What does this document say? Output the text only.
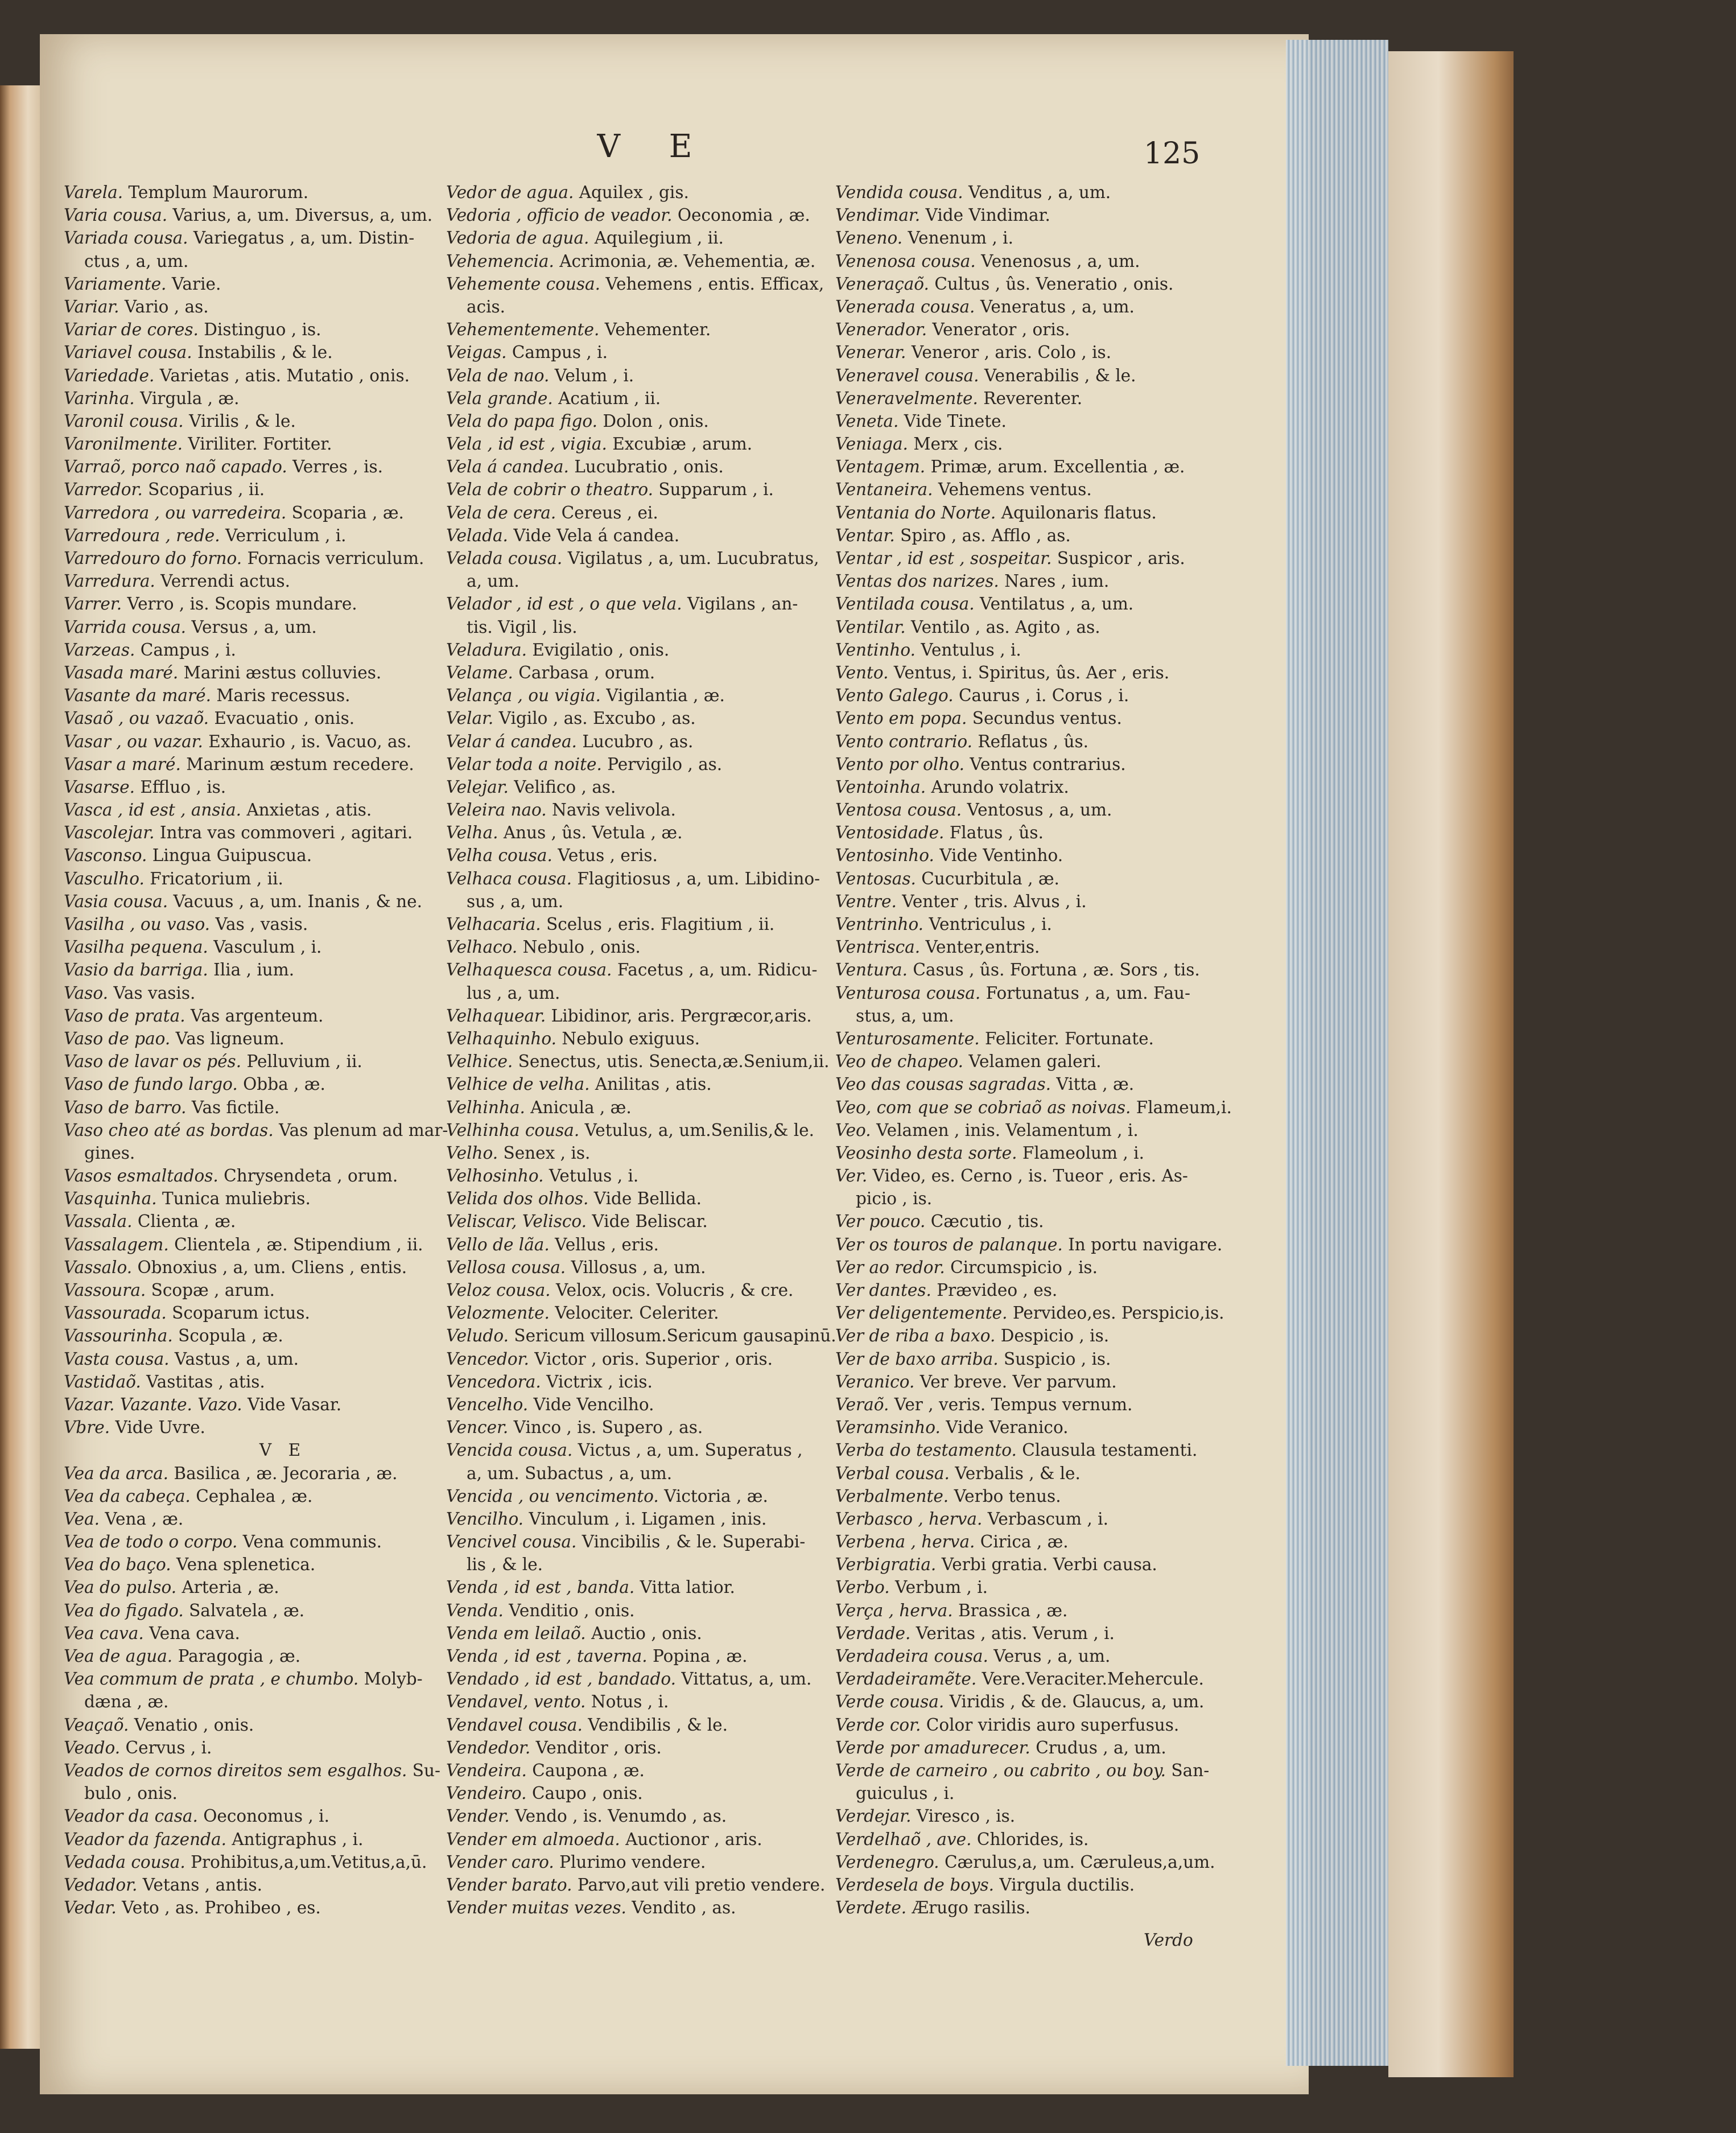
V E	125
Varela. Templum Maurorum.
Varia cousa. Varius, a, um. Diversus, a, um.
Variada cousa. Variegatus , a, um. Distin-
ctus , a, um.
Variamente. Varie.
Variar. Vario , as.
Variar de cores. Distinguo , is.
Variavel cousa. Instabilis , & le.
Variedade. Varietas , atis. Mutatio , onis.
Varinha. Virgula , æ.
Varonil cousa. Virilis , & le.
Varonilmente. Viriliter. Fortiter.
Varraõ, porco naõ capado. Verres , is.
Varredor. Scoparius , ii.
Varredora , ou varredeira. Scoparia , æ.
Varredoura , rede. Verriculum , i.
Varredouro do forno. Fornacis verriculum.
Varredura. Verrendi actus.
Varrer. Verro , is. Scopis mundare.
Varrida cousa. Versus , a, um.
Varzeas. Campus , i.
Vasada maré. Marini æstus colluvies.
Vasante da maré. Maris recessus.
Vasaõ , ou vazaõ. Evacuatio , onis.
Vasar , ou vazar. Exhaurio , is. Vacuo, as.
Vasar a maré. Marinum æstum recedere.
Vasarse. Effluo , is.
Vasca , id est , ansia. Anxietas , atis.
Vascolejar. Intra vas commoveri , agitari.
Vasconso. Lingua Guipuscua.
Vasculho. Fricatorium , ii.
Vasia cousa. Vacuus , a, um. Inanis , & ne.
Vasilha , ou vaso. Vas , vasis.
Vasilha pequena. Vasculum , i.
Vasio da barriga. Ilia , ium.
Vaso. Vas vasis.
Vaso de prata. Vas argenteum.
Vaso de pao. Vas ligneum.
Vaso de lavar os pés. Pelluvium , ii.
Vaso de fundo largo. Obba , æ.
Vaso de barro. Vas fictile.
Vaso cheo até as bordas. Vas plenum ad mar-
gines.
Vasos esmaltados. Chrysendeta , orum.
Vasquinha. Tunica muliebris.
Vassala. Clienta , æ.
Vassalagem. Clientela , æ. Stipendium , ii.
Vassalo. Obnoxius , a, um. Cliens , entis.
Vassoura. Scopæ , arum.
Vassourada. Scoparum ictus.
Vassourinha. Scopula , æ.
Vasta cousa. Vastus , a, um.
Vastidaõ. Vastitas , atis.
Vazar. Vazante. Vazo. Vide Vasar.
Vbre. Vide Uvre.
V E
Vea da arca. Basilica , æ. Jecoraria , æ.
Vea da cabeça. Cephalea , æ.
Vea. Vena , æ.
Vea de todo o corpo. Vena communis.
Vea do baço. Vena splenetica.
Vea do pulso. Arteria , æ.
Vea do figado. Salvatela , æ.
Vea cava. Vena cava.
Vea de agua. Paragogia , æ.
Vea commum de prata , e chumbo. Molyb-
dæna , æ.
Veaçaõ. Venatio , onis.
Veado. Cervus , i.
Veados de cornos direitos sem esgalhos. Su-
bulo , onis.
Veador da casa. Oeconomus , i.
Veador da fazenda. Antigraphus , i.
Vedada cousa. Prohibitus,a,um.Vetitus,a,ū.
Vedador. Vetans , antis.
Vedar. Veto , as. Prohibeo , es.
Vedor de agua. Aquilex , gis.
Vedoria , officio de veador. Oeconomia , æ.
Vedoria de agua. Aquilegium , ii.
Vehemencia. Acrimonia, æ. Vehementia, æ.
Vehemente cousa. Vehemens , entis. Efficax,
acis.
Vehementemente. Vehementer.
Veigas. Campus , i.
Vela de nao. Velum , i.
Vela grande. Acatium , ii.
Vela do papa figo. Dolon , onis.
Vela , id est , vigia. Excubiæ , arum.
Vela á candea. Lucubratio , onis.
Vela de cobrir o theatro. Supparum , i.
Vela de cera. Cereus , ei.
Velada. Vide Vela á candea.
Velada cousa. Vigilatus , a, um. Lucubratus,
a, um.
Velador , id est , o que vela. Vigilans , an-
tis. Vigil , lis.
Veladura. Evigilatio , onis.
Velame. Carbasa , orum.
Velança , ou vigia. Vigilantia , æ.
Velar. Vigilo , as. Excubo , as.
Velar á candea. Lucubro , as.
Velar toda a noite. Pervigilo , as.
Velejar. Velifico , as.
Veleira nao. Navis velivola.
Velha. Anus , ûs. Vetula , æ.
Velha cousa. Vetus , eris.
Velhaca cousa. Flagitiosus , a, um. Libidino-
sus , a, um.
Velhacaria. Scelus , eris. Flagitium , ii.
Velhaco. Nebulo , onis.
Velhaquesca cousa. Facetus , a, um. Ridicu-
lus , a, um.
Velhaquear. Libidinor, aris. Pergræcor,aris.
Velhaquinho. Nebulo exiguus.
Velhice. Senectus, utis. Senecta,æ.Senium,ii.
Velhice de velha. Anilitas , atis.
Velhinha. Anicula , æ.
Velhinha cousa. Vetulus, a, um.Senilis,& le.
Velho. Senex , is.
Velhosinho. Vetulus , i.
Velida dos olhos. Vide Bellida.
Veliscar, Velisco. Vide Beliscar.
Vello de lãa. Vellus , eris.
Vellosa cousa. Villosus , a, um.
Veloz cousa. Velox, ocis. Volucris , & cre.
Velozmente. Velociter. Celeriter.
Veludo. Sericum villosum.Sericum gausapinū.
Vencedor. Victor , oris. Superior , oris.
Vencedora. Victrix , icis.
Vencelho. Vide Vencilho.
Vencer. Vinco , is. Supero , as.
Vencida cousa. Victus , a, um. Superatus ,
a, um. Subactus , a, um.
Vencida , ou vencimento. Victoria , æ.
Vencilho. Vinculum , i. Ligamen , inis.
Vencivel cousa. Vincibilis , & le. Superabi-
lis , & le.
Venda , id est , banda. Vitta latior.
Venda. Venditio , onis.
Venda em leilaõ. Auctio , onis.
Venda , id est , taverna. Popina , æ.
Vendado , id est , bandado. Vittatus, a, um.
Vendavel, vento. Notus , i.
Vendavel cousa. Vendibilis , & le.
Vendedor. Venditor , oris.
Vendeira. Caupona , æ.
Vendeiro. Caupo , onis.
Vender. Vendo , is. Venumdo , as.
Vender em almoeda. Auctionor , aris.
Vender caro. Plurimo vendere.
Vender barato. Parvo,aut vili pretio vendere.
Vender muitas vezes. Vendito , as.
Vendida cousa. Venditus , a, um.
Vendimar. Vide Vindimar.
Veneno. Venenum , i.
Venenosa cousa. Venenosus , a, um.
Veneraçaõ. Cultus , ûs. Veneratio , onis.
Venerada cousa. Veneratus , a, um.
Venerador. Venerator , oris.
Venerar. Veneror , aris. Colo , is.
Veneravel cousa. Venerabilis , & le.
Veneravelmente. Reverenter.
Veneta. Vide Tinete.
Veniaga. Merx , cis.
Ventagem. Primæ, arum. Excellentia , æ.
Ventaneira. Vehemens ventus.
Ventania do Norte. Aquilonaris flatus.
Ventar. Spiro , as. Afflo , as.
Ventar , id est , sospeitar. Suspicor , aris.
Ventas dos narizes. Nares , ium.
Ventilada cousa. Ventilatus , a, um.
Ventilar. Ventilo , as. Agito , as.
Ventinho. Ventulus , i.
Vento. Ventus, i. Spiritus, ûs. Aer , eris.
Vento Galego. Caurus , i. Corus , i.
Vento em popa. Secundus ventus.
Vento contrario. Reflatus , ûs.
Vento por olho. Ventus contrarius.
Ventoinha. Arundo volatrix.
Ventosa cousa. Ventosus , a, um.
Ventosidade. Flatus , ûs.
Ventosinho. Vide Ventinho.
Ventosas. Cucurbitula , æ.
Ventre. Venter , tris. Alvus , i.
Ventrinho. Ventriculus , i.
Ventrisca. Venter,entris.
Ventura. Casus , ûs. Fortuna , æ. Sors , tis.
Venturosa cousa. Fortunatus , a, um. Fau-
stus, a, um.
Venturosamente. Feliciter. Fortunate.
Veo de chapeo. Velamen galeri.
Veo das cousas sagradas. Vitta , æ.
Veo, com que se cobriaõ as noivas. Flameum,i.
Veo. Velamen , inis. Velamentum , i.
Veosinho desta sorte. Flameolum , i.
Ver. Video, es. Cerno , is. Tueor , eris. As-
picio , is.
Ver pouco. Cæcutio , tis.
Ver os touros de palanque. In portu navigare.
Ver ao redor. Circumspicio , is.
Ver dantes. Prævideo , es.
Ver deligentemente. Pervideo,es. Perspicio,is.
Ver de riba a baxo. Despicio , is.
Ver de baxo arriba. Suspicio , is.
Veranico. Ver breve. Ver parvum.
Veraõ. Ver , veris. Tempus vernum.
Veramsinho. Vide Veranico.
Verba do testamento. Clausula testamenti.
Verbal cousa. Verbalis , & le.
Verbalmente. Verbo tenus.
Verbasco , herva. Verbascum , i.
Verbena , herva. Cirica , æ.
Verbigratia. Verbi gratia. Verbi causa.
Verbo. Verbum , i.
Verça , herva. Brassica , æ.
Verdade. Veritas , atis. Verum , i.
Verdadeira cousa. Verus , a, um.
Verdadeiramẽte. Vere.Veraciter.Mehercule.
Verde cousa. Viridis , & de. Glaucus, a, um.
Verde cor. Color viridis auro superfusus.
Verde por amadurecer. Crudus , a, um.
Verde de carneiro , ou cabrito , ou boy. San-
guiculus , i.
Verdejar. Viresco , is.
Verdelhaõ , ave. Chlorides, is.
Verdenegro. Cærulus,a, um. Cæruleus,a,um.
Verdesela de boys. Virgula ductilis.
Verdete. Ærugo rasilis.
Verdo
